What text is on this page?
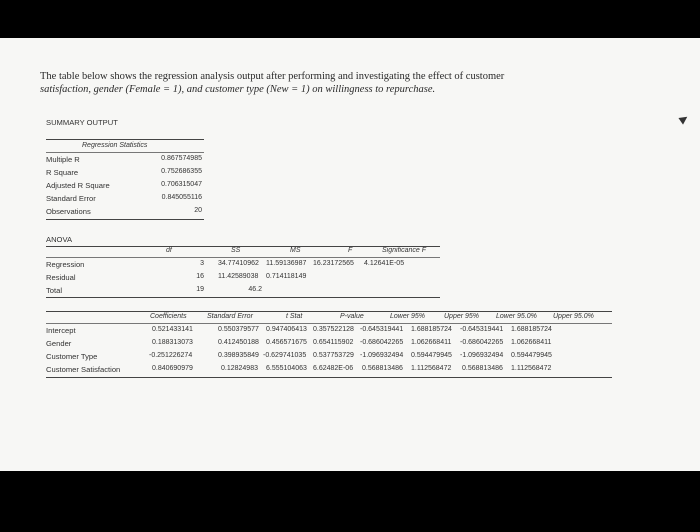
The table below shows the regression analysis output after performing and investigating the effect of customer
satisfaction, gender (Female = 1), and customer type (New = 1) on willingness to repurchase.
SUMMARY OUTPUT
Regression Statistics
Multiple R	0.867574985
R Square	0.752686355
Adjusted R Square	0.706315047
Standard Error	0.845055116
Observations	20
ANOVA
df	SS	MS	F	Significance F
Regression	3 34.77410962 11.59136987 16.23172565 4.12641E-05
Residual	16 11.42589038 0.714118149
Total	19	46.2
Coefficients	Standard Error	t Stat	P-value	Lower 95%	Upper 95% Lower 95.0% Upper 95.0%
Intercept	0.521433141	0.550379577 0.947406413 0.357522128 -0.645319441 1.688185724 -0.645319441 1.688185724
Gender	0.188313073	0.412450188 0.456571675 0.654115902 -0.686042265 1.062668411 -0.686042265 1.062668411
Customer Type	-0.251226274	0.398935849 -0.629741035 0.537753729 -1.096932494 0.594479945 -1.096932494 0.594479945
Customer Satisfaction	0.840690979	0.12824983 6.555104063 6.62482E-06 0.568813486 1.112568472 0.568813486 1.112568472
